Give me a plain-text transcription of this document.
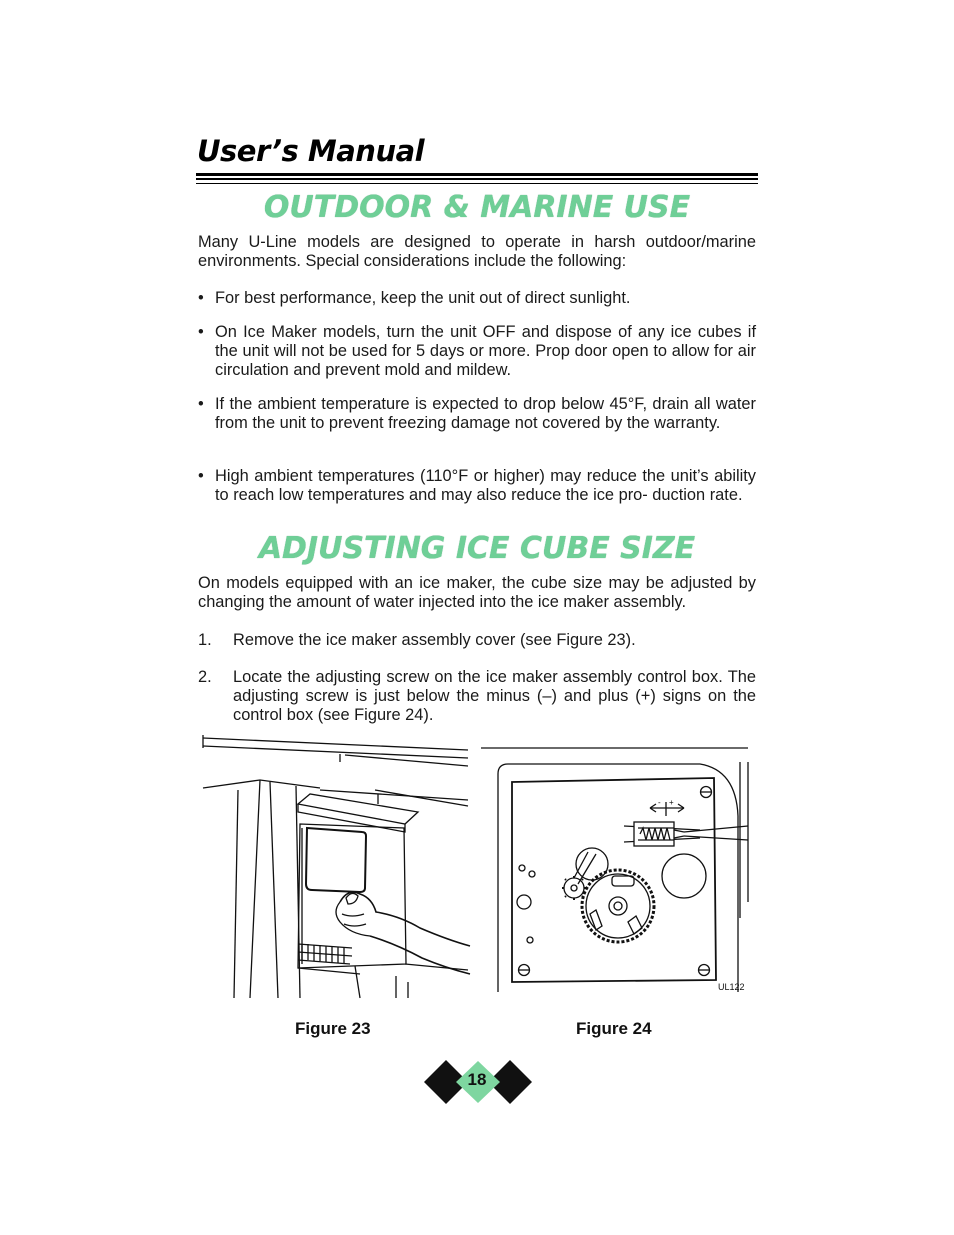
User’s Manual
OUTDOOR & MARINE USE

Many U-Line models are designed to operate in harsh outdoor/marine environments. Special considerations include the following:

• For best performance, keep the unit out of direct sunlight.
• On Ice Maker models, turn the unit OFF and dispose of any ice cubes if the unit will not be used for 5 days or more. Prop door open to allow for air circulation and prevent mold and mildew.
• If the ambient temperature is expected to drop below 45°F, drain all water from the unit to prevent freezing damage not covered by the warranty.
• High ambient temperatures (110°F or higher) may reduce the unit’s ability to reach low temperatures and may also reduce the ice pro- duction rate.
ADJUSTING ICE CUBE SIZE

On models equipped with an ice maker, the cube size may be adjusted by changing the amount of water injected into the ice maker assembly.

1. Remove the ice maker assembly cover (see Figure 23).
2. Locate the adjusting screw on the ice maker assembly control box. The adjusting screw is just below the minus (–) and plus (+) signs on the control box (see Figure 24).
UL122
- +
Figure 23	Figure 24
18
